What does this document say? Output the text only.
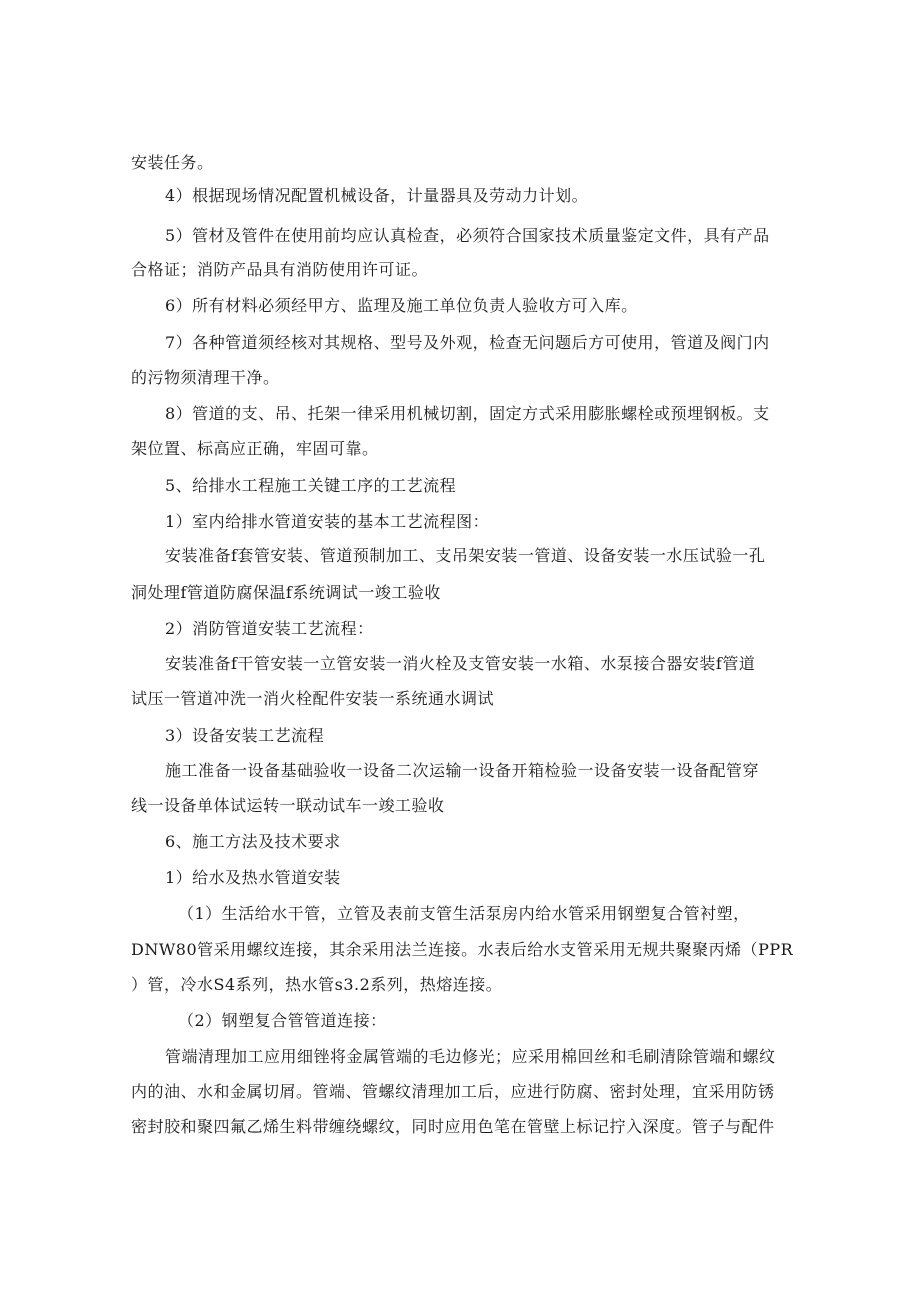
安装任务。
4）根据现场情况配置机械设备，计量器具及劳动力计划。
5）管材及管件在使用前均应认真检查，必须符合国家技术质量鉴定文件，具有产品
合格证；消防产品具有消防使用许可证。
6）所有材料必须经甲方、监理及施工单位负责人验收方可入库。
7）各种管道须经核对其规格、型号及外观，检查无问题后方可使用，管道及阀门内
的污物须清理干净。
8）管道的支、吊、托架一律采用机械切割，固定方式采用膨胀螺栓或预埋钢板。支
架位置、标高应正确，牢固可靠。
5、给排水工程施工关键工序的工艺流程
1）室内给排水管道安装的基本工艺流程图：
安装准备f套管安装、管道预制加工、支吊架安装一管道、设备安装一水压试验一孔
洞处理f管道防腐保温f系统调试一竣工验收
2）消防管道安装工艺流程：
安装准备f干管安装一立管安装一消火栓及支管安装一水箱、水泵接合器安装f管道
试压一管道冲洗一消火栓配件安装一系统通水调试
3）设备安装工艺流程
施工准备一设备基础验收一设备二次运输一设备开箱检验一设备安装一设备配管穿
线一设备单体试运转一联动试车一竣工验收
6、施工方法及技术要求
1）给水及热水管道安装
（1）生活给水干管，立管及表前支管生活泵房内给水管采用钢塑复合管衬塑，
DNW80管采用螺纹连接，其余采用法兰连接。水表后给水支管采用无规共聚聚丙烯（PPR
）管，冷水S4系列，热水管s3.2系列，热熔连接。
（2）钢塑复合管管道连接：
管端清理加工应用细锉将金属管端的毛边修光；应采用棉回丝和毛刷清除管端和螺纹
内的油、水和金属切屑。管端、管螺纹清理加工后，应进行防腐、密封处理，宜采用防锈
密封胶和聚四氟乙烯生料带缠绕螺纹，同时应用色笔在管壁上标记拧入深度。管子与配件
